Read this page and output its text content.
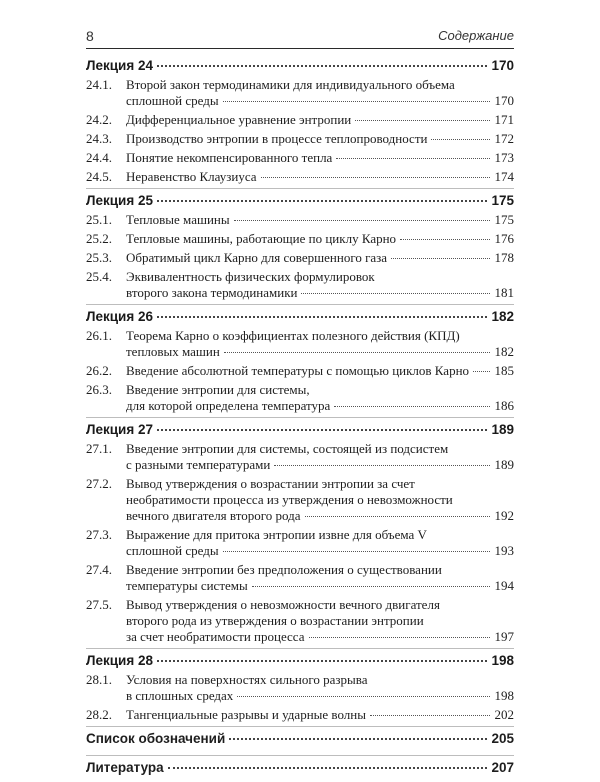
8	Содержание
Лекция 24	170
24.1.	Второй закон термодинамики для индивидуального объема
сплошной среды	170
24.2.	Дифференциальное уравнение энтропии	171
24.3.	Производство энтропии в процессе теплопроводности	172
24.4.	Понятие некомпенсированного тепла	173
24.5.	Неравенство Клаузиуса	174
Лекция 25	175
25.1.	Тепловые машины	175
25.2.	Тепловые машины, работающие по циклу Карно	176
25.3.	Обратимый цикл Карно для совершенного газа	178
25.4.	Эквивалентность физических формулировок
второго закона термодинамики	181
Лекция 26	182
26.1.	Теорема Карно о коэффициентах полезного действия (КПД)
тепловых машин	182
26.2.	Введение абсолютной температуры с помощью циклов Карно 185
26.3.	Введение энтропии для системы,
для которой определена температура	186
Лекция 27	189
27.1.	Введение энтропии для системы, состоящей из подсистем
с разными температурами	189
27.2.	Вывод утверждения о возрастании энтропии за счет
необратимости процесса из утверждения о невозможности
вечного двигателя второго рода	192
27.3.	Выражение для притока энтропии извне для объема V
сплошной среды	193
27.4.	Введение энтропии без предположения о существовании
температуры системы	194
27.5.	Вывод утверждения о невозможности вечного двигателя
второго рода из утверждения о возрастании энтропии
за счет необратимости процесса	197
Лекция 28	198
28.1.	Условия на поверхностях сильного разрыва
в сплошных средах	198
28.2.	Тангенциальные разрывы и ударные волны	202
Список обозначений	205
Литература	207
